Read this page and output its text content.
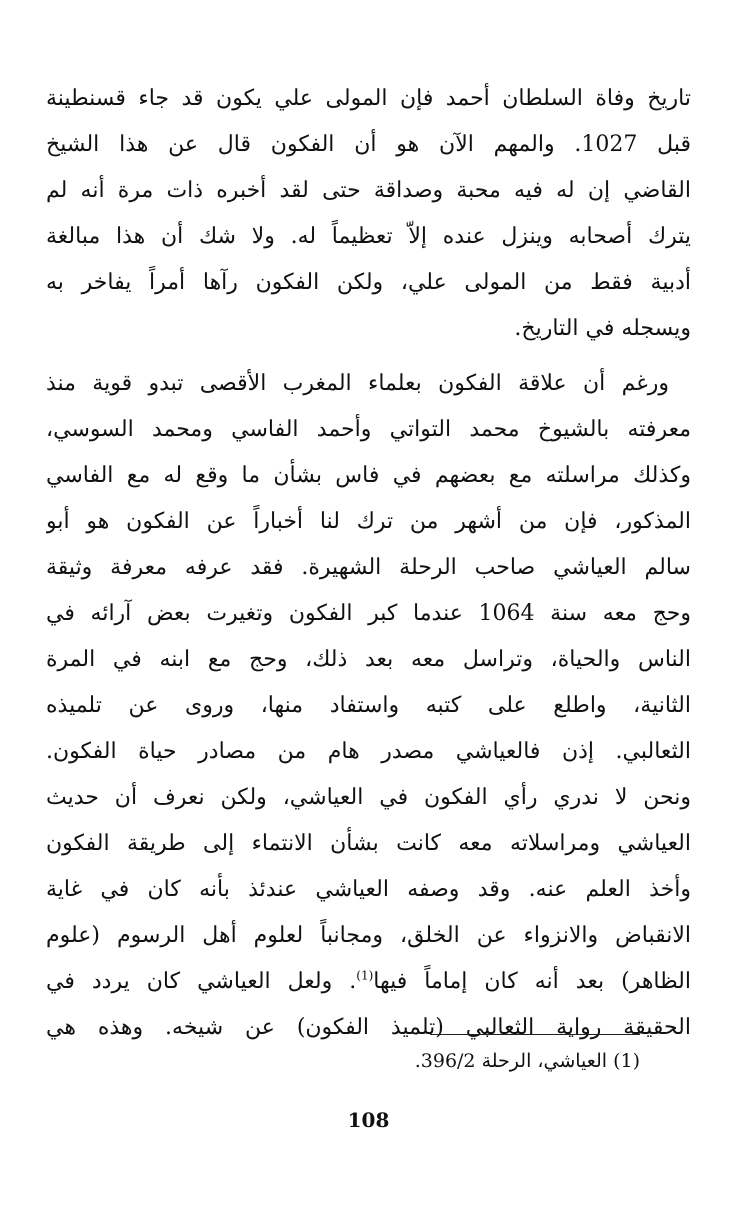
تاريخ وفاة السلطان أحمد فإن المولى علي يكون قد جاء قسنطينة
قبل 1027. والمهم الآن هو أن الفكون قال عن هذا الشيخ
القاضي إن له فيه محبة وصداقة حتى لقد أخبره ذات مرة أنه لم
يترك أصحابه وينزل عنده إلاّ تعظيماً له. ولا شك أن هذا مبالغة
أدبية فقط من المولى علي، ولكن الفكون رآها أمراً يفاخر به
ويسجله في التاريخ.
ورغم أن علاقة الفكون بعلماء المغرب الأقصى تبدو قوية منذ
معرفته بالشيوخ محمد التواتي وأحمد الفاسي ومحمد السوسي،
وكذلك مراسلته مع بعضهم في فاس بشأن ما وقع له مع الفاسي
المذكور، فإن من أشهر من ترك لنا أخباراً عن الفكون هو أبو
سالم العياشي صاحب الرحلة الشهيرة. فقد عرفه معرفة وثيقة
وحج معه سنة 1064 عندما كبر الفكون وتغيرت بعض آرائه في
الناس والحياة، وتراسل معه بعد ذلك، وحج مع ابنه في المرة
الثانية، واطلع على كتبه واستفاد منها، وروى عن تلميذه
الثعالبي. إذن فالعياشي مصدر هام من مصادر حياة الفكون.
ونحن لا ندري رأي الفكون في العياشي، ولكن نعرف أن حديث
العياشي ومراسلاته معه كانت بشأن الانتماء إلى طريقة الفكون
وأخذ العلم عنه. وقد وصفه العياشي عندئذ بأنه كان في غاية
الانقباض والانزواء عن الخلق، ومجانباً لعلوم أهل الرسوم (علوم
الظاهر) بعد أنه كان إماماً فيها$^{(1)}$. ولعل العياشي كان يردد في
الحقيقة رواية الثعالبي (تلميذ الفكون) عن شيخه. وهذه هي
(1) العياشي، الرحلة 396/2.
108
